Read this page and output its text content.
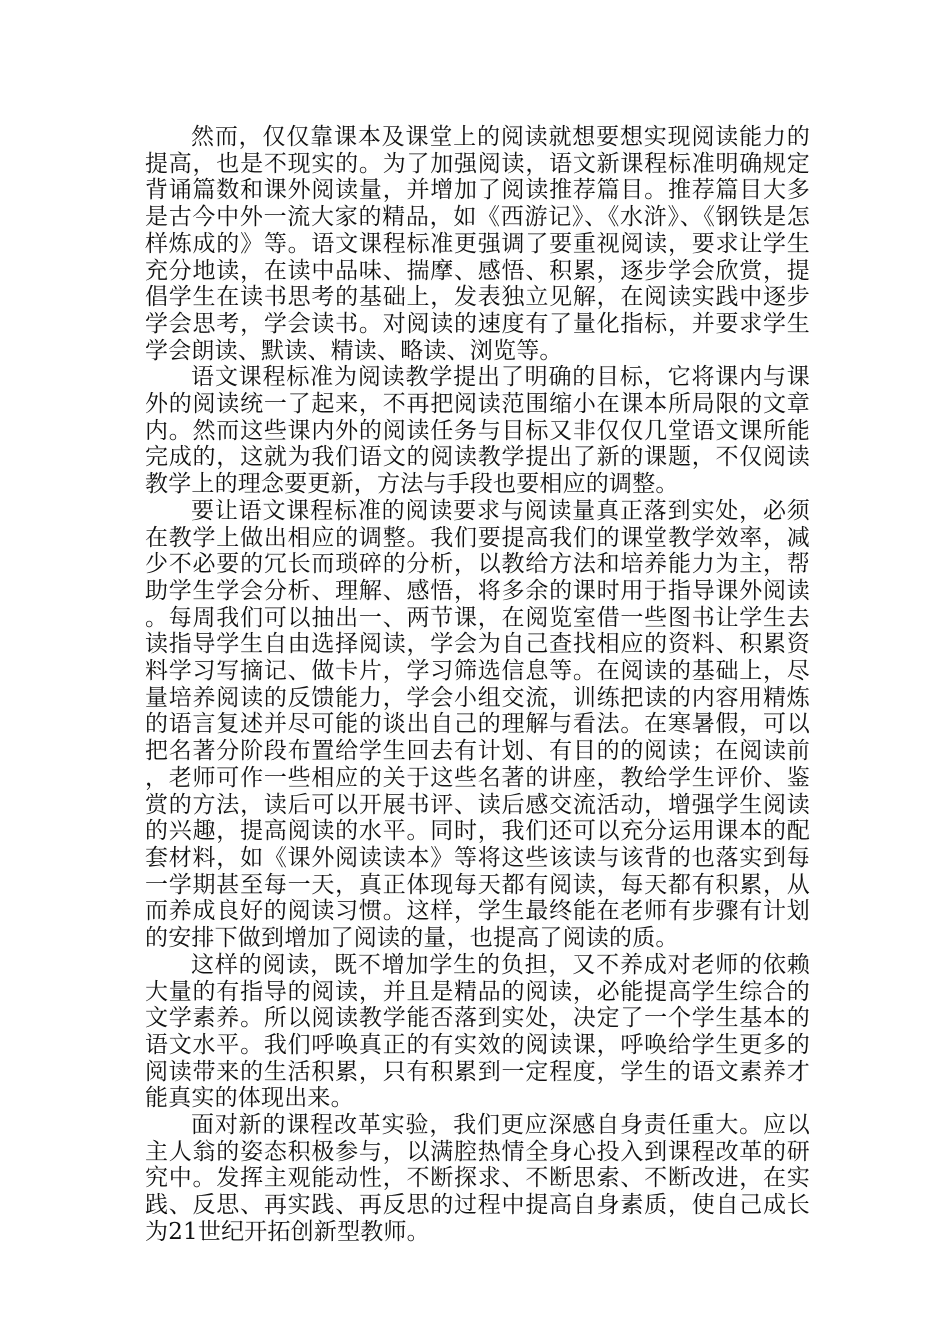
然而，仅仅靠课本及课堂上的阅读就想要想实现阅读能力的提高，也是不现实的。为了加强阅读，语文新课程标准明确规定背诵篇数和课外阅读量，并增加了阅读推荐篇目。推荐篇目大多是古今中外一流大家的精品，如《西游记》、《水浒》、《钢铁是怎样炼成的》等。语文课程标准更强调了要重视阅读，要求让学生充分地读，在读中品味、揣摩、感悟、积累，逐步学会欣赏，提倡学生在读书思考的基础上，发表独立见解，在阅读实践中逐步学会思考，学会读书。对阅读的速度有了量化指标，并要求学生学会朗读、默读、精读、略读、浏览等。

语文课程标准为阅读教学提出了明确的目标，它将课内与课外的阅读统一了起来，不再把阅读范围缩小在课本所局限的文章内。然而这些课内外的阅读任务与目标又非仅仅几堂语文课所能完成的，这就为我们语文的阅读教学提出了新的课题，不仅阅读教学上的理念要更新，方法与手段也要相应的调整。

要让语文课程标准的阅读要求与阅读量真正落到实处，必须在教学上做出相应的调整。我们要提高我们的课堂教学效率，减少不必要的冗长而琐碎的分析，以教给方法和培养能力为主，帮助学生学会分析、理解、感悟，将多余的课时用于指导课外阅读。每周我们可以抽出一、两节课，在阅览室借一些图书让学生去读指导学生自由选择阅读，学会为自己查找相应的资料、积累资料学习写摘记、做卡片，学习筛选信息等。在阅读的基础上，尽量培养阅读的反馈能力，学会小组交流，训练把读的内容用精炼的语言复述并尽可能的谈出自己的理解与看法。在寒暑假，可以把名著分阶段布置给学生回去有计划、有目的的阅读；在阅读前，老师可作一些相应的关于这些名著的讲座，教给学生评价、鉴赏的方法，读后可以开展书评、读后感交流活动，增强学生阅读的兴趣，提高阅读的水平。同时，我们还可以充分运用课本的配套材料，如《课外阅读读本》等将这些该读与该背的也落实到每一学期甚至每一天，真正体现每天都有阅读，每天都有积累，从而养成良好的阅读习惯。这样，学生最终能在老师有步骤有计划的安排下做到增加了阅读的量，也提高了阅读的质。

这样的阅读，既不增加学生的负担，又不养成对老师的依赖大量的有指导的阅读，并且是精品的阅读，必能提高学生综合的文学素养。所以阅读教学能否落到实处，决定了一个学生基本的语文水平。我们呼唤真正的有实效的阅读课，呼唤给学生更多的阅读带来的生活积累，只有积累到一定程度，学生的语文素养才能真实的体现出来。

面对新的课程改革实验，我们更应深感自身责任重大。应以主人翁的姿态积极参与，以满腔热情全身心投入到课程改革的研究中。发挥主观能动性，不断探求、不断思索、不断改进，在实践、反思、再实践、再反思的过程中提高自身素质，使自己成长为21世纪开拓创新型教师。
